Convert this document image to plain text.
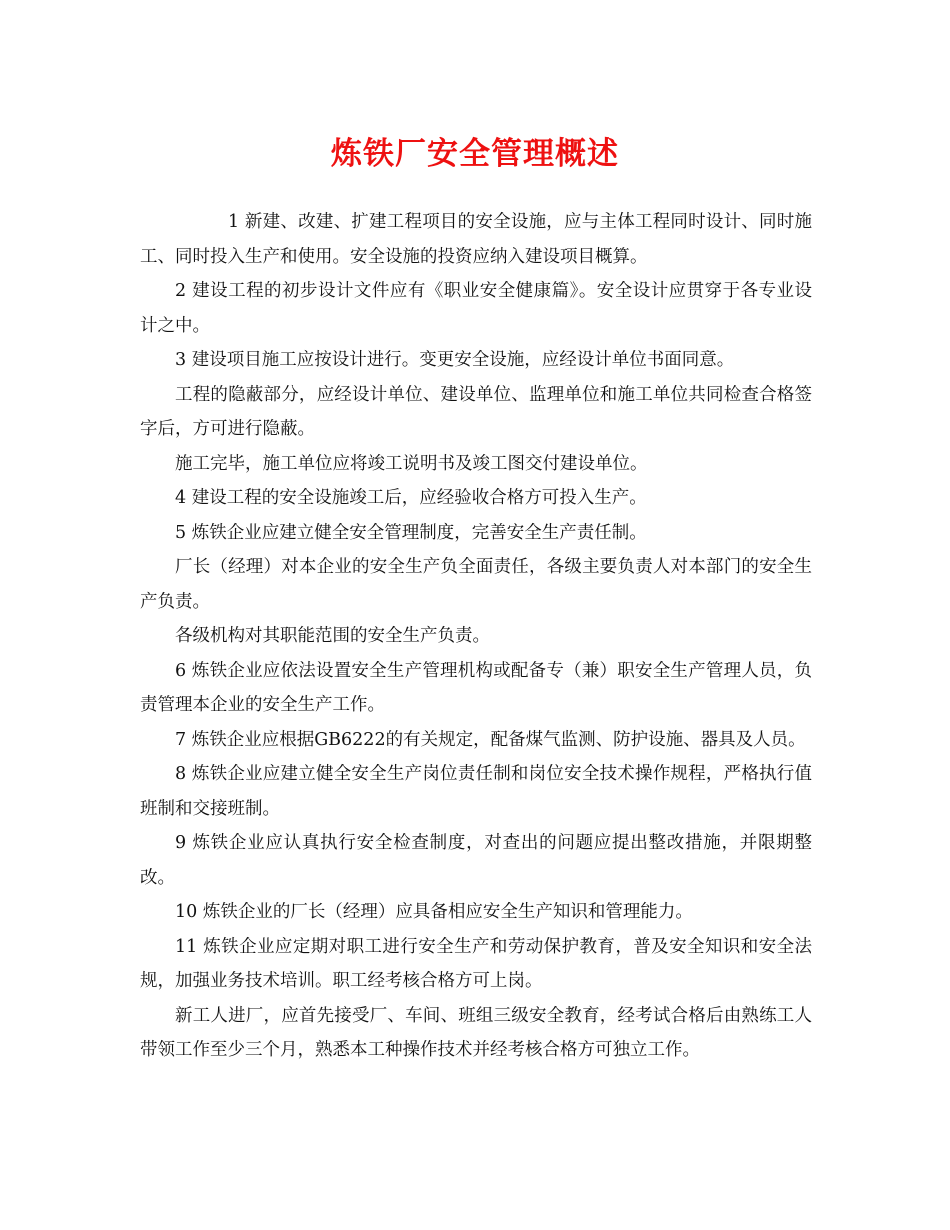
炼铁厂安全管理概述

1 新建、改建、扩建工程项目的安全设施，应与主体工程同时设计、同时施工、同时投入生产和使用。安全设施的投资应纳入建设项目概算。

2 建设工程的初步设计文件应有《职业安全健康篇》。安全设计应贯穿于各专业设计之中。

3 建设项目施工应按设计进行。变更安全设施，应经设计单位书面同意。

工程的隐蔽部分，应经设计单位、建设单位、监理单位和施工单位共同检查合格签字后，方可进行隐蔽。

施工完毕，施工单位应将竣工说明书及竣工图交付建设单位。

4 建设工程的安全设施竣工后，应经验收合格方可投入生产。

5 炼铁企业应建立健全安全管理制度，完善安全生产责任制。

厂长（经理）对本企业的安全生产负全面责任，各级主要负责人对本部门的安全生产负责。

各级机构对其职能范围的安全生产负责。

6 炼铁企业应依法设置安全生产管理机构或配备专（兼）职安全生产管理人员，负责管理本企业的安全生产工作。

7 炼铁企业应根据GB6222的有关规定，配备煤气监测、防护设施、器具及人员。

8 炼铁企业应建立健全安全生产岗位责任制和岗位安全技术操作规程，严格执行值班制和交接班制。

9 炼铁企业应认真执行安全检查制度，对查出的问题应提出整改措施，并限期整改。

10 炼铁企业的厂长（经理）应具备相应安全生产知识和管理能力。

11 炼铁企业应定期对职工进行安全生产和劳动保护教育，普及安全知识和安全法规，加强业务技术培训。职工经考核合格方可上岗。

新工人进厂，应首先接受厂、车间、班组三级安全教育，经考试合格后由熟练工人带领工作至少三个月，熟悉本工种操作技术并经考核合格方可独立工作。
